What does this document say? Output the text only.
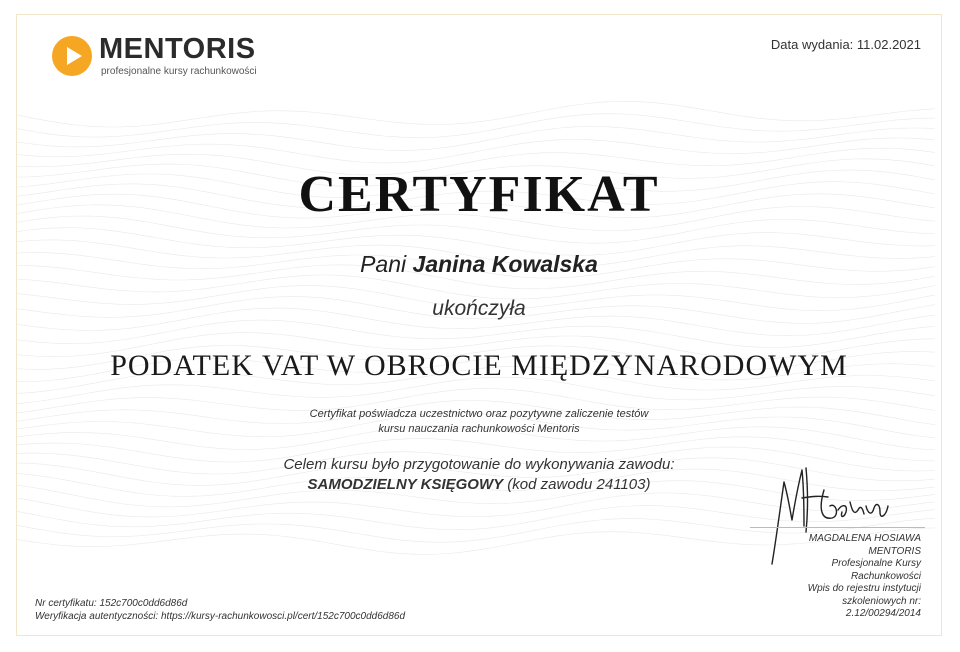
MENTORIS
profesjonalne kursy rachunkowości
Data wydania: 11.02.2021
CERTYFIKAT
Pani Janina Kowalska
ukończyła
PODATEK VAT W OBROCIE MIĘDZYNARODOWYM
Certyfikat poświadcza uczestnictwo oraz pozytywne zaliczenie testów
kursu nauczania rachunkowości Mentoris
Celem kursu było przygotowanie do wykonywania zawodu:
SAMODZIELNY KSIĘGOWY (kod zawodu 241103)
MAGDALENA HOSIAWA
MENTORIS
Profesjonalne Kursy
Rachunkowości
Wpis do rejestru instytucji
szkoleniowych nr:
2.12/00294/2014
Nr certyfikatu: 152c700c0dd6d86d
Weryfikacja autentyczności: https://kursy-rachunkowosci.pl/cert/152c700c0dd6d86d
